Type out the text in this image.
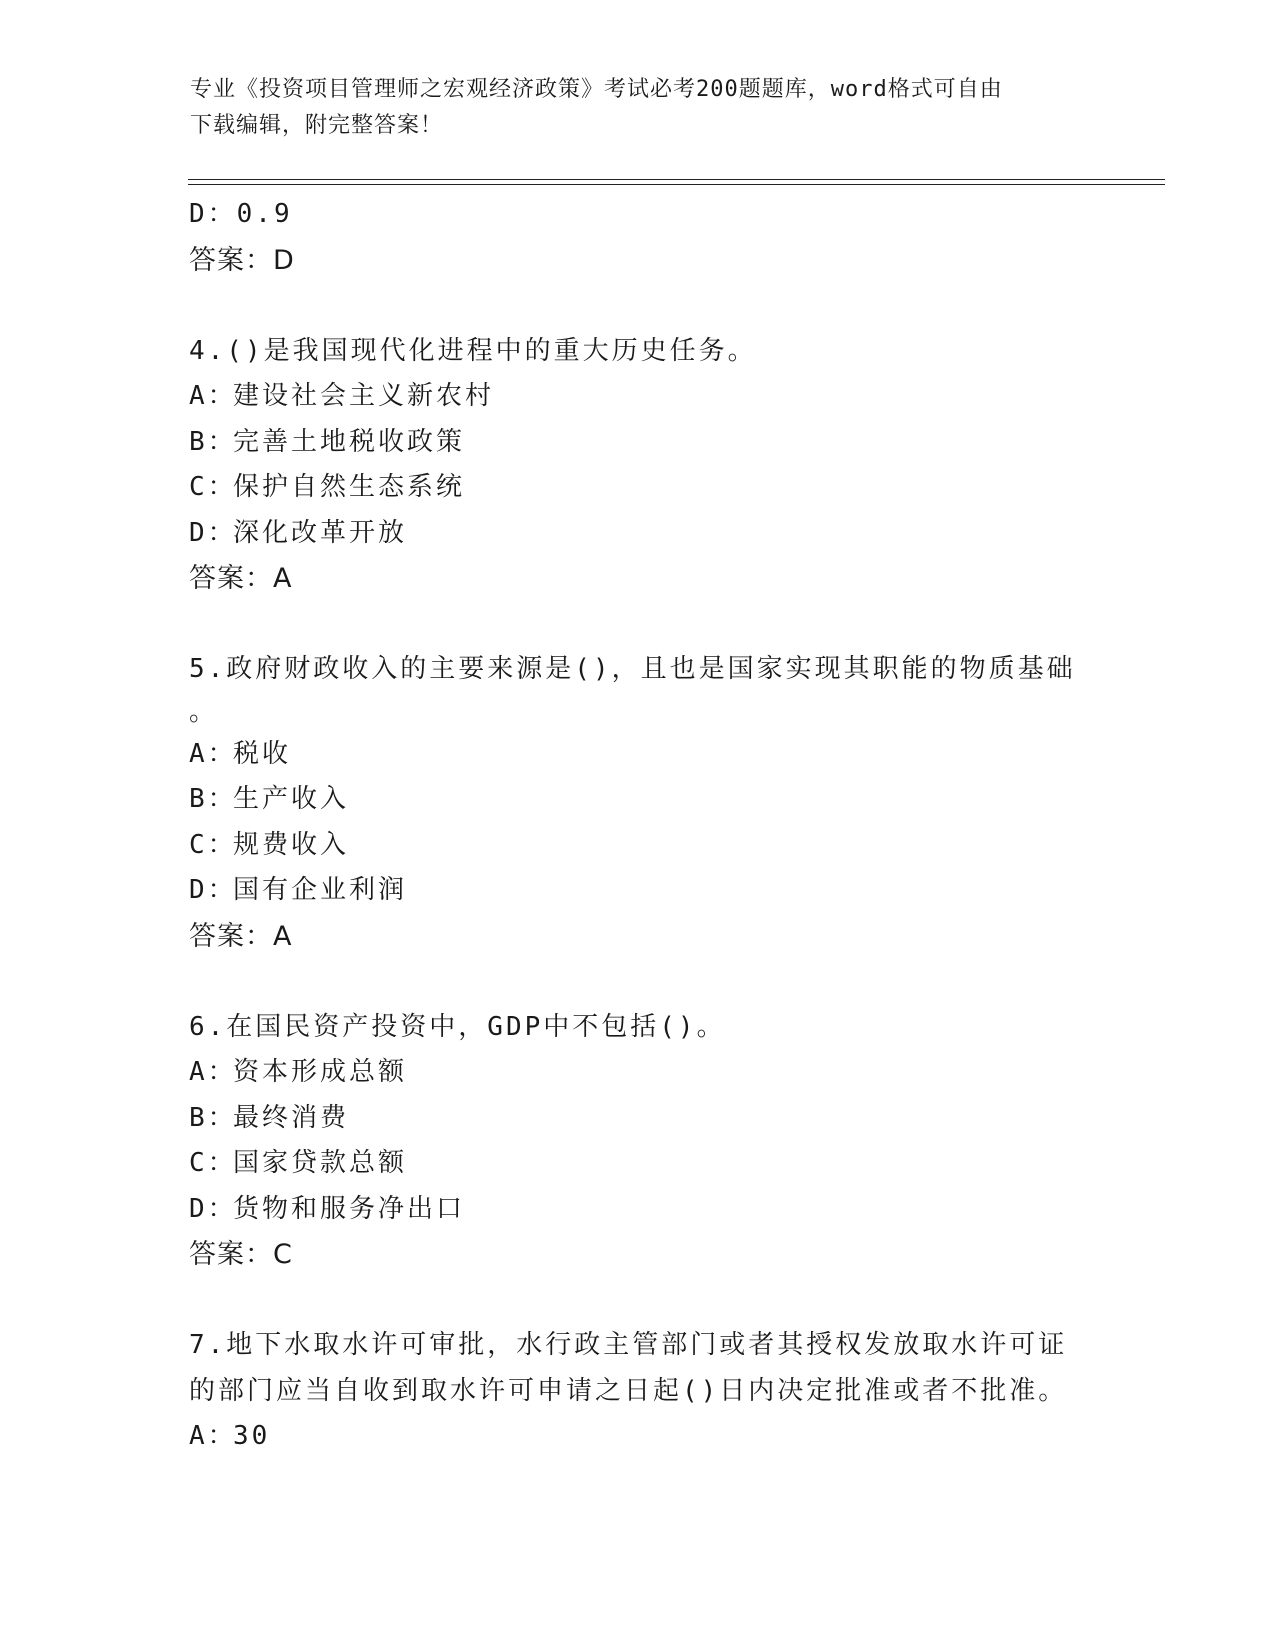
专业《投资项目管理师之宏观经济政策》考试必考200题题库，word格式可自由
下载编辑，附完整答案！
D：0.9
答案：D
4.()是我国现代化进程中的重大历史任务。
A：建设社会主义新农村
B：完善土地税收政策
C：保护自然生态系统
D：深化改革开放
答案：A
5.政府财政收入的主要来源是()，且也是国家实现其职能的物质基础
。
A：税收
B：生产收入
C：规费收入
D：国有企业利润
答案：A
6.在国民资产投资中，GDP中不包括()。
A：资本形成总额
B：最终消费
C：国家贷款总额
D：货物和服务净出口
答案：C
7.地下水取水许可审批，水行政主管部门或者其授权发放取水许可证
的部门应当自收到取水许可申请之日起()日内决定批准或者不批准。
A：30
